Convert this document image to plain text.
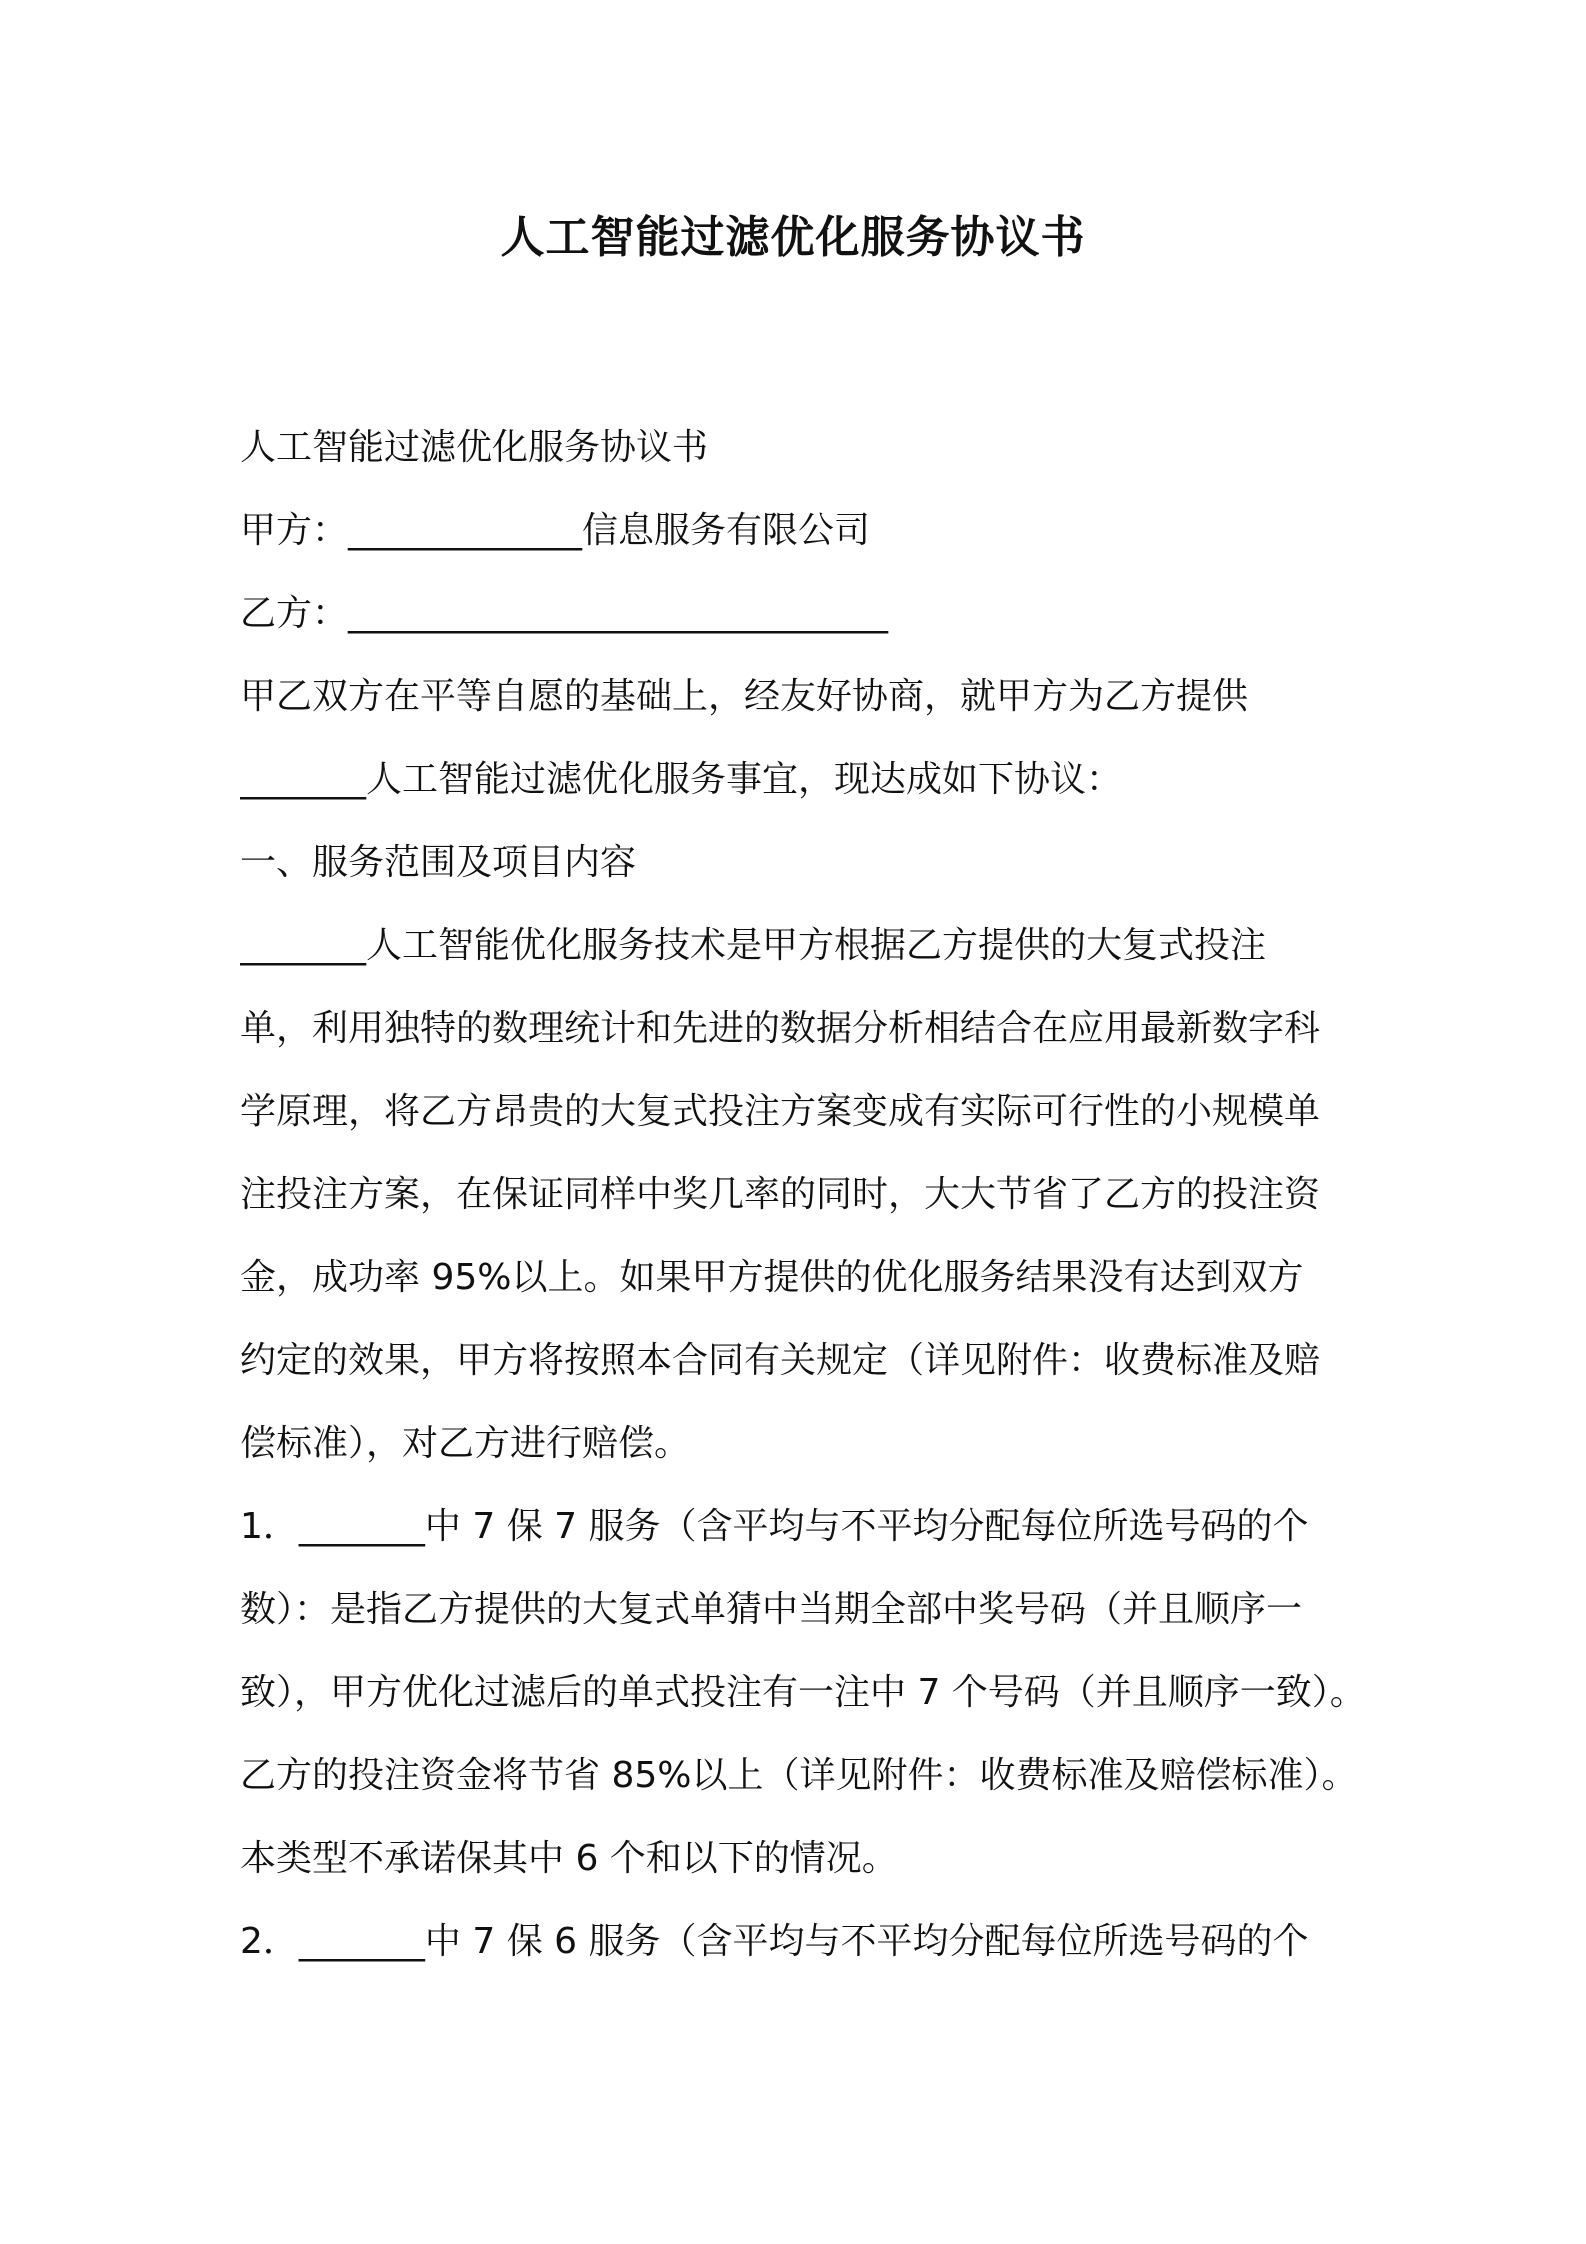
人工智能过滤优化服务协议书
人工智能过滤优化服务协议书
甲方：_____________信息服务有限公司
乙方：______________________________
甲乙双方在平等自愿的基础上，经友好协商，就甲方为乙方提供
_______人工智能过滤优化服务事宜，现达成如下协议：
一、服务范围及项目内容
_______人工智能优化服务技术是甲方根据乙方提供的大复式投注
单，利用独特的数理统计和先进的数据分析相结合在应用最新数字科
学原理，将乙方昂贵的大复式投注方案变成有实际可行性的小规模单
注投注方案，在保证同样中奖几率的同时，大大节省了乙方的投注资
金，成功率 95%以上。如果甲方提供的优化服务结果没有达到双方
约定的效果，甲方将按照本合同有关规定（详见附件：收费标准及赔
偿标准），对乙方进行赔偿。
1．_______中 7 保 7 服务（含平均与不平均分配每位所选号码的个
数）：是指乙方提供的大复式单猜中当期全部中奖号码（并且顺序一
致），甲方优化过滤后的单式投注有一注中 7 个号码（并且顺序一致）。
乙方的投注资金将节省 85%以上（详见附件：收费标准及赔偿标准）。
本类型不承诺保其中 6 个和以下的情况。
2．_______中 7 保 6 服务（含平均与不平均分配每位所选号码的个
